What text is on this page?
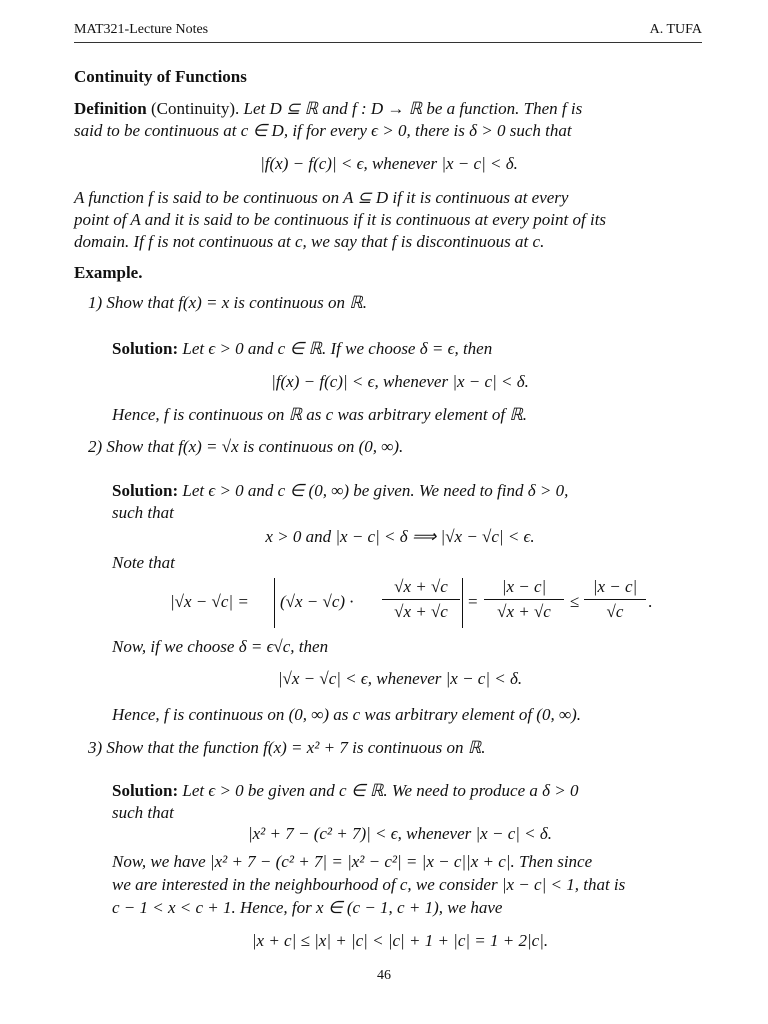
MAT321-Lecture Notes	A. TUFA
Continuity of Functions
Definition (Continuity). Let D ⊆ ℝ and f : D → ℝ be a function. Then f is
said to be continuous at c ∈ D, if for every ϵ > 0, there is δ > 0 such that
|f(x) − f(c)| < ϵ, whenever |x − c| < δ.
A function f is said to be continuous on A ⊆ D if it is continuous at every
point of A and it is said to be continuous if it is continuous at every point of its
domain. If f is not continuous at c, we say that f is discontinuous at c.
Example.
1) Show that f(x) = x is continuous on ℝ.
Solution: Let ϵ > 0 and c ∈ ℝ. If we choose δ = ϵ, then
|f(x) − f(c)| < ϵ, whenever |x − c| < δ.
Hence, f is continuous on ℝ as c was arbitrary element of ℝ.
2) Show that f(x) = √x is continuous on (0, ∞).
Solution: Let ϵ > 0 and c ∈ (0, ∞) be given. We need to find δ > 0,
such that
x > 0 and |x − c| < δ ⟹ |√x − √c| < ϵ.
Note that
|√x − √c| = (√x − √c) ·
√x + √c
√x + √c
=
|x − c|
√x + √c
≤
|x − c|
√c
.
Now, if we choose δ = ϵ√c, then
|√x − √c| < ϵ, whenever |x − c| < δ.
Hence, f is continuous on (0, ∞) as c was arbitrary element of (0, ∞).
3) Show that the function f(x) = x² + 7 is continuous on ℝ.
Solution: Let ϵ > 0 be given and c ∈ ℝ. We need to produce a δ > 0
such that
|x² + 7 − (c² + 7)| < ϵ, whenever |x − c| < δ.
Now, we have |x² + 7 − (c² + 7| = |x² − c²| = |x − c||x + c|. Then since
we are interested in the neighbourhood of c, we consider |x − c| < 1, that is
c − 1 < x < c + 1. Hence, for x ∈ (c − 1, c + 1), we have
|x + c| ≤ |x| + |c| < |c| + 1 + |c| = 1 + 2|c|.
46
